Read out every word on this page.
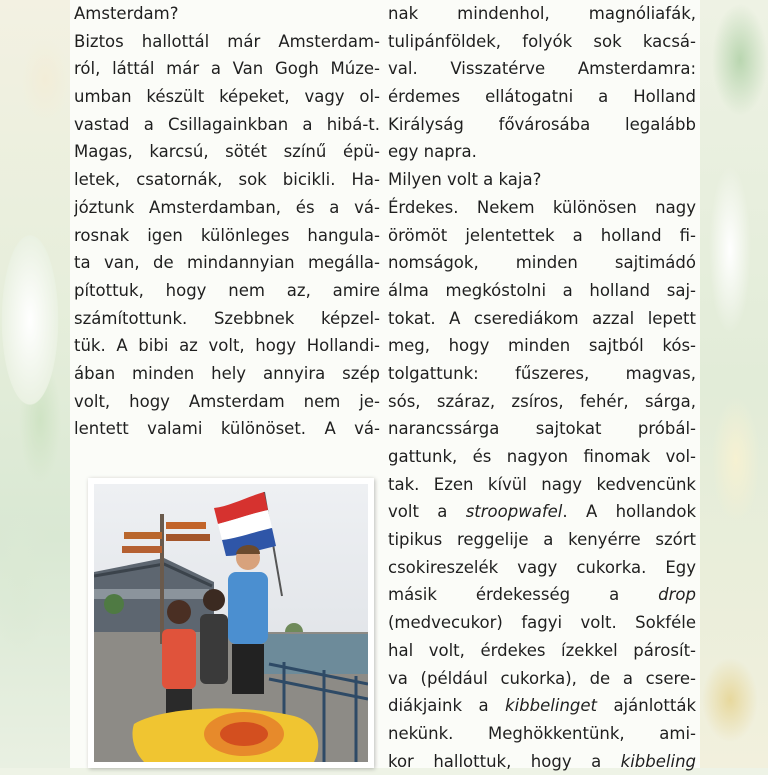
Amsterdam?
Biztos hallottál már Amsterdam-
ról, láttál már a Van Gogh Múze-
umban készült képeket, vagy ol-
vastad a Csillagainkban a hibá-t.
Magas, karcsú, sötét színű épü-
letek, csatornák, sok bicikli. Ha-
józtunk Amsterdamban, és a vá-
rosnak igen különleges hangula-
ta van, de mindannyian megálla-
pítottuk, hogy nem az, amire
számítottunk. Szebbnek képzel-
tük. A bibi az volt, hogy Hollandi-
ában minden hely annyira szép
volt, hogy Amsterdam nem je-
lentett valami különöset. A vá-
nak mindenhol, magnóliafák,
tulipánföldek, folyók sok kacsá-
val. Visszatérve Amsterdamra:
érdemes ellátogatni a Holland
Királyság fővárosába legalább
egy napra.
Milyen volt a kaja?
Érdekes. Nekem különösen nagy
örömöt jelentettek a holland fi-
nomságok, minden sajtimádó
álma megkóstolni a holland saj-
tokat. A cserediákom azzal lepett
meg, hogy minden sajtból kós-
tolgattunk: fűszeres, magvas,
sós, száraz, zsíros, fehér, sárga,
narancssárga sajtokat próbál-
gattunk, és nagyon finomak vol-
tak. Ezen kívül nagy kedvencünk
volt a stroopwafel. A hollandok
tipikus reggelije a kenyérre szórt
csokireszelék vagy cukorka. Egy
másik érdekesség a drop
(medvecukor) fagyi volt. Sokféle
hal volt, érdekes ízekkel párosít-
va (például cukorka), de a csere-
diákjaink a kibbelinget ajánlották
nekünk. Meghökkentünk, ami-
kor hallottuk, hogy a kibbeling
